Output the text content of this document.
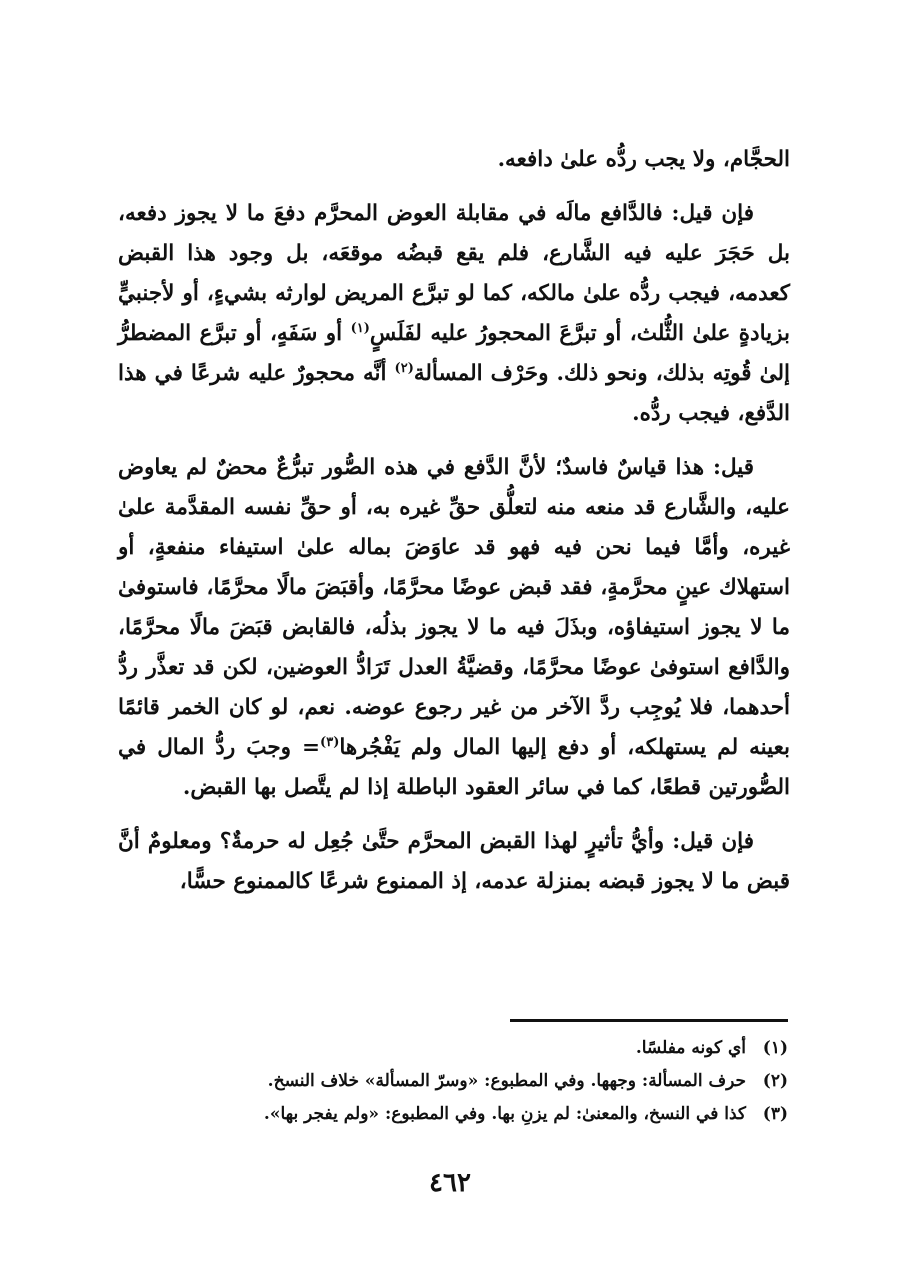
الحجَّام، ولا يجب ردُّه علىٰ دافعه.

فإن قيل: فالدَّافع مالَه في مقابلة العوض المحرَّم دفعَ ما لا يجوز دفعه، بل حَجَرَ عليه فيه الشَّارع، فلم يقع قبضُه موقعَه، بل وجود هذا القبض كعدمه، فيجب ردُّه علىٰ مالكه، كما لو تبرَّع المريض لوارثه بشيءٍ، أو لأجنبيٍّ بزيادةٍ علىٰ الثُّلث، أو تبرَّعَ المحجورُ عليه لفَلَسٍ$^{(١)}$ أو سَفَهٍ، أو تبرَّع المضطرُّ إلىٰ قُوتِه بذلك، ونحو ذلك. وحَرْف المسألة$^{(٢)}$ أنَّه محجورٌ عليه شرعًا في هذا الدَّفع، فيجب ردُّه.

قيل: هذا قياسٌ فاسدٌ؛ لأنَّ الدَّفع في هذه الصُّور تبرُّعٌ محضٌ لم يعاوض عليه، والشَّارع قد منعه منه لتعلُّق حقِّ غيره به، أو حقِّ نفسه المقدَّمة علىٰ غيره، وأمَّا فيما نحن فيه فهو قد عاوَضَ بماله علىٰ استيفاء منفعةٍ، أو استهلاك عينٍ محرَّمةٍ، فقد قبض عوضًا محرَّمًا، وأقبَضَ مالًا محرَّمًا، فاستوفىٰ ما لا يجوز استيفاؤه، وبذَلَ فيه ما لا يجوز بذلُه، فالقابض قبَضَ مالًا محرَّمًا، والدَّافع استوفىٰ عوضًا محرَّمًا، وقضيَّةُ العدل تَرَادُّ العوضين، لكن قد تعذَّر ردُّ أحدهما، فلا يُوجِب ردَّ الآخر من غير رجوع عوضه. نعم، لو كان الخمر قائمًا بعينه لم يستهلكه، أو دفع إليها المال ولم يَفْجُرها$^{(٣)}$= وجبَ ردُّ المال في الصُّورتين قطعًا، كما في سائر العقود الباطلة إذا لم يتَّصل بها القبض.

فإن قيل: وأيُّ تأثيرٍ لهذا القبض المحرَّم حتَّىٰ جُعِل له حرمةٌ؟ ومعلومٌ أنَّ قبض ما لا يجوز قبضه بمنزلة عدمه، إذ الممنوع شرعًا كالممنوع حسًّا،

(١)
أي كونه مفلسًا.
(٢)
حرف المسألة: وجهها. وفي المطبوع: «وسرّ المسألة» خلاف النسخ.
(٣)
كذا في النسخ، والمعنىٰ: لم يزنِ بها. وفي المطبوع: «ولم يفجر بها».
٤٦٢
